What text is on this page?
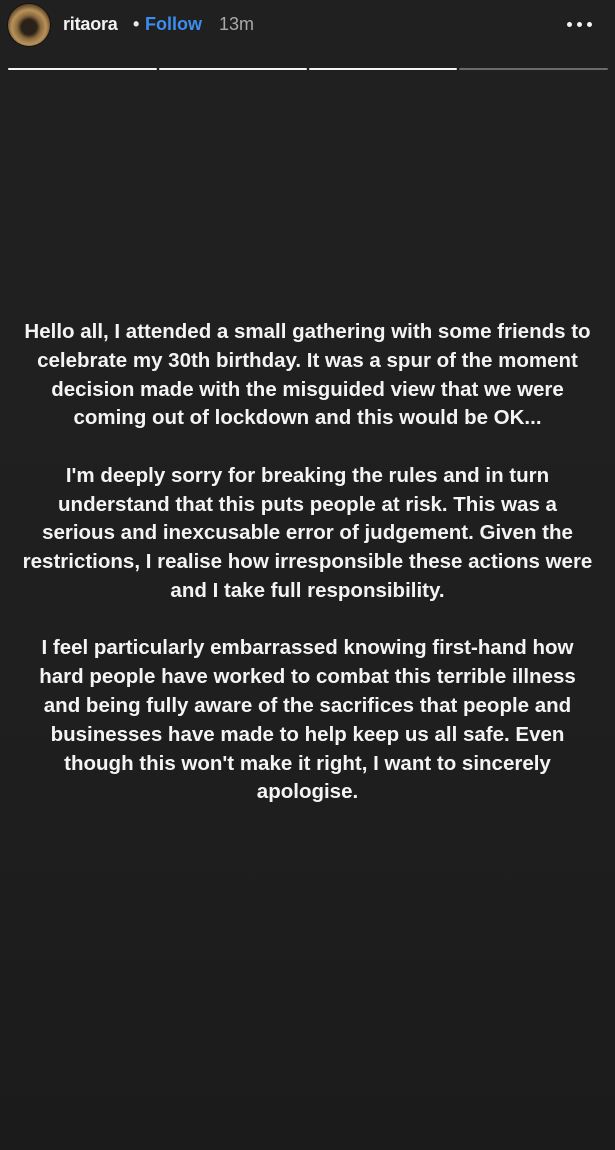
ritaora • Follow 13m

Hello all, I attended a small gathering with some friends to celebrate my 30th birthday. It was a spur of the moment decision made with the misguided view that we were coming out of lockdown and this would be OK...

I'm deeply sorry for breaking the rules and in turn understand that this puts people at risk. This was a serious and inexcusable error of judgement. Given the restrictions, I realise how irresponsible these actions were and I take full responsibility.

I feel particularly embarrassed knowing first-hand how hard people have worked to combat this terrible illness and being fully aware of the sacrifices that people and businesses have made to help keep us all safe. Even though this won't make it right, I want to sincerely apologise.
